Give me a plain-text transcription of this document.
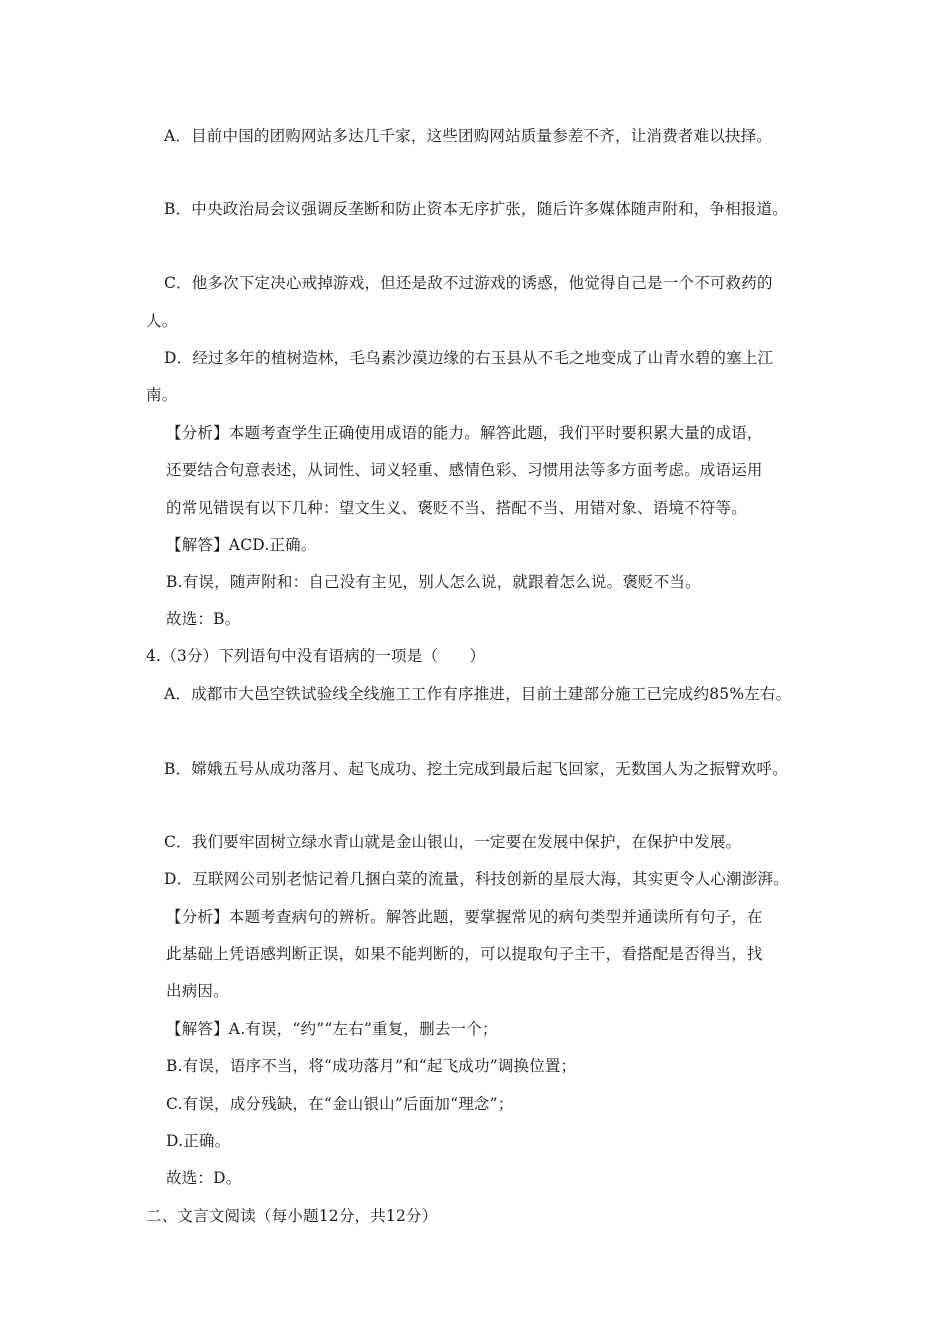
A．目前中国的团购网站多达几千家，这些团购网站质量参差不齐，让消费者难以抉择。
B．中央政治局会议强调反垄断和防止资本无序扩张，随后许多媒体随声附和，争相报道。
C．他多次下定决心戒掉游戏，但还是敌不过游戏的诱惑，他觉得自己是一个不可救药的
人。
D．经过多年的植树造林，毛乌素沙漠边缘的右玉县从不毛之地变成了山青水碧的塞上江
南。
【分析】本题考查学生正确使用成语的能力。解答此题，我们平时要积累大量的成语，
还要结合句意表述，从词性、词义轻重、感情色彩、习惯用法等多方面考虑。成语运用
的常见错误有以下几种：望文生义、褒贬不当、搭配不当、用错对象、语境不符等。
【解答】ACD.正确。
B.有误，随声附和：自己没有主见，别人怎么说，就跟着怎么说。褒贬不当。
故选：B。
4.（3分）下列语句中没有语病的一项是（　　）
A．成都市大邑空铁试验线全线施工工作有序推进，目前土建部分施工已完成约85%左右。
B．嫦娥五号从成功落月、起飞成功、挖土完成到最后起飞回家，无数国人为之振臂欢呼。
C．我们要牢固树立绿水青山就是金山银山，一定要在发展中保护，在保护中发展。
D．互联网公司别老惦记着几捆白菜的流量，科技创新的星辰大海，其实更令人心潮澎湃。
【分析】本题考查病句的辨析。解答此题，要掌握常见的病句类型并通读所有句子，在
此基础上凭语感判断正误，如果不能判断的，可以提取句子主干，看搭配是否得当，找
出病因。
【解答】A.有误，“约”“左右”重复，删去一个；
B.有误，语序不当，将“成功落月”和“起飞成功”调换位置；
C.有误，成分残缺，在“金山银山”后面加“理念”；
D.正确。
故选：D。
二、文言文阅读（每小题12分，共12分）
